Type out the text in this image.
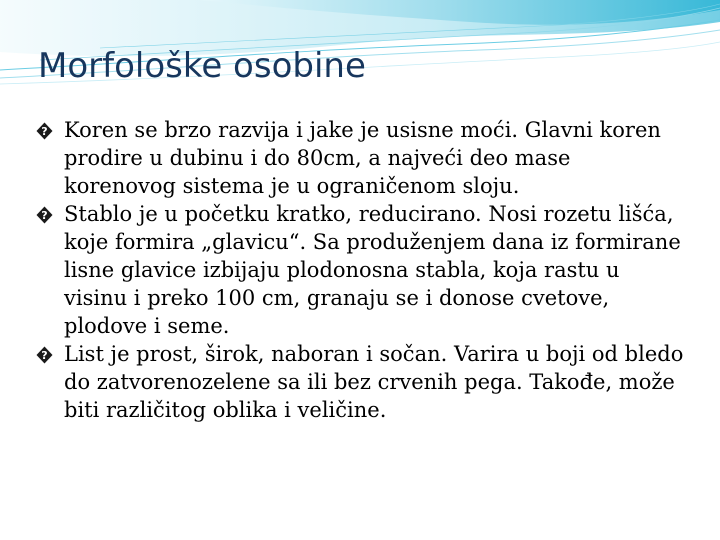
Morfološke osobine
? Koren se brzo razvija i jake je usisne moći. Glavni koren prodire u dubinu i do 80cm, a najveći deo mase korenovog sistema je u ograničenom sloju.
? Stablo je u početku kratko, reducirano. Nosi rozetu lišća, koje formira „glavicu“. Sa produženjem dana iz formirane lisne glavice izbijaju plodonosna stabla, koja rastu u visinu i preko 100 cm, granaju se i donose cvetove, plodove i seme.
? List je prost, širok, naboran i sočan. Varira u boji od bledo do zatvorenozelene sa ili bez crvenih pega. Takođe, može biti različitog oblika i veličine.
